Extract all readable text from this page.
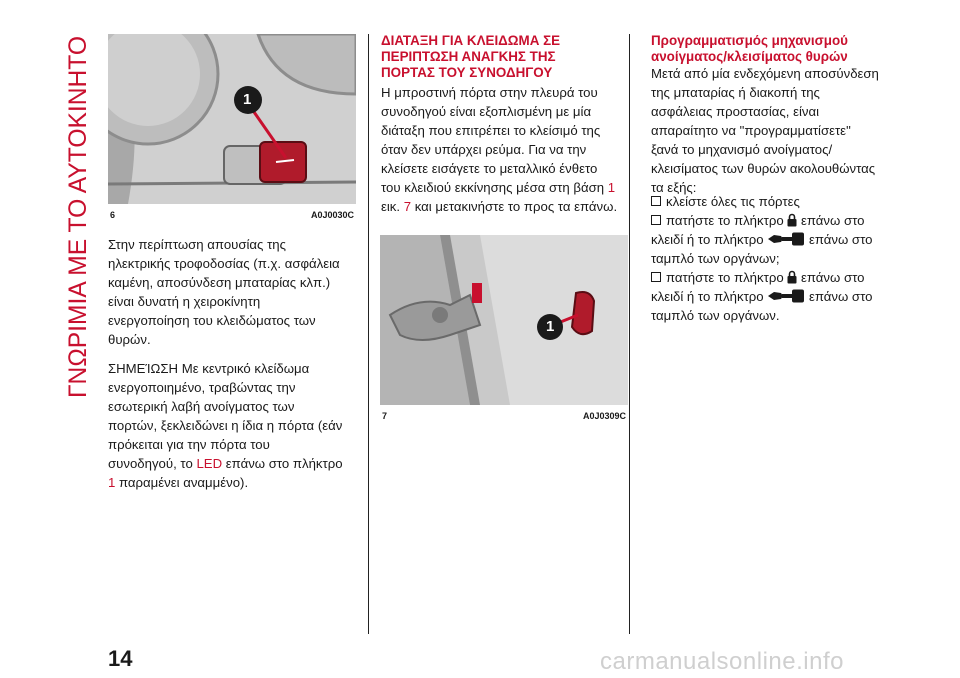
ΓΝΩΡΙΜΙΑ ΜΕ ΤΟ ΑΥΤΟΚΙΝΗΤΟ	1
6	A0J0030C

Στην περίπτωση απουσίας της

ηλεκτρικής τροφοδοσίας (π.χ. ασφάλεια

καμένη, αποσύνδεση μπαταρίας κλπ.)

είναι δυνατή η χειροκίνητη

ενεργοποίηση του κλειδώματος των

θυρών.

ΣΗΜΕΊΩΣΗ Με κεντρικό κλείδωμα

ενεργοποιημένο, τραβώντας την

εσωτερική λαβή ανοίγματος των

πορτών, ξεκλειδώνει η ίδια η πόρτα (εάν

πρόκειται για την πόρτα του

συνοδηγού, το LED επάνω στο πλήκτρο

1 παραμένει αναμμένο).

ΔΙΑΤΑΞΗ ΓΙΑ ΚΛΕΙΔΩΜΑ ΣΕ

ΠΕΡΙΠΤΩΣΗ ΑΝΑΓΚΗΣ ΤΗΣ

ΠΟΡΤΑΣ ΤΟΥ ΣΥΝΟΔΗΓΟΥ

Η μπροστινή πόρτα στην πλευρά του

συνοδηγού είναι εξοπλισμένη με μία

διάταξη που επιτρέπει το κλείσιμό της

όταν δεν υπάρχει ρεύμα. Για να την

κλείσετε εισάγετε το μεταλλικό ένθετο

του κλειδιού εκκίνησης μέσα στη βάση 1

εικ. 7 και μετακινήστε το προς τα επάνω.

1
7	A0J0309C

Προγραμματισμός μηχανισμού

ανοίγματος/κλεισίματος θυρών

Μετά από μία ενδεχόμενη αποσύνδεση

της μπαταρίας ή διακοπή της

ασφάλειας προστασίας, είναι

απαραίτητο να "προγραμματίσετε"

ξανά το μηχανισμό ανοίγματος/

κλεισίματος των θυρών ακολουθώντας

τα εξής:

κλείστε όλες τις πόρτες

πατήστε το πλήκτρο επάνω στο

κλειδί ή το πλήκτρο	επάνω στο

ταμπλό των οργάνων;

πατήστε το πλήκτρο επάνω στο

κλειδί ή το πλήκτρο	επάνω στο

ταμπλό των οργάνων.

14	carmanualsonline.info
